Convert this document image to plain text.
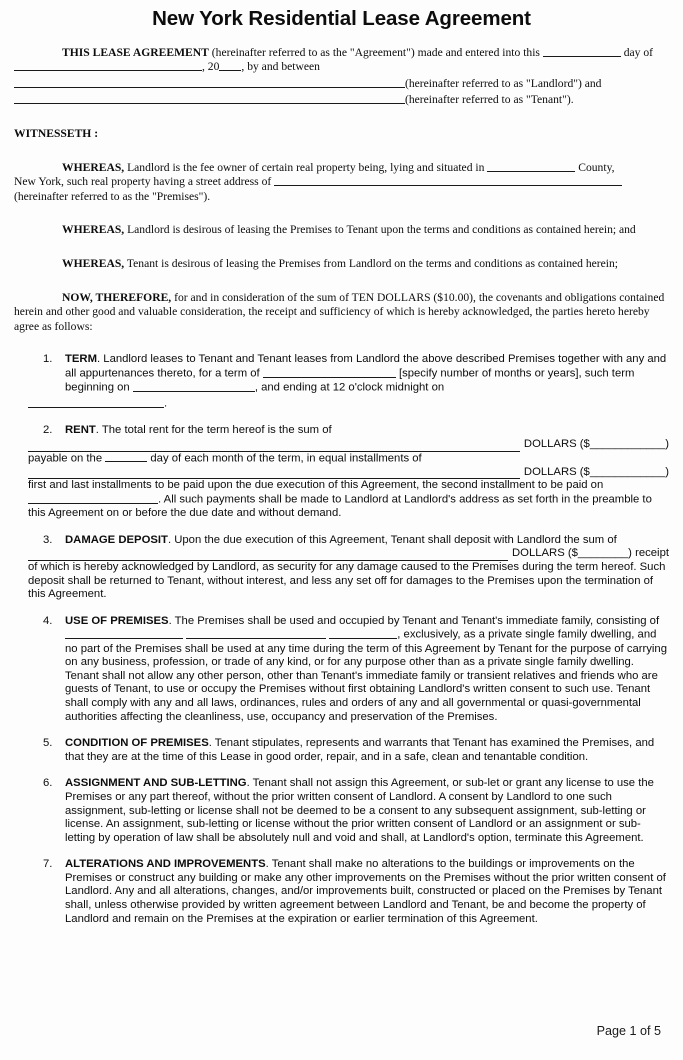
New York Residential Lease Agreement

THIS LEASE AGREEMENT (hereinafter referred to as the "Agreement") made and entered into this	day of

, 20 , by and between

(hereinafter referred to as "Landlord") and

(hereinafter referred to as "Tenant").

WITNESSETH :

WHEREAS, Landlord is the fee owner of certain real property being, lying and situated in	County,

New York, such real property having a street address of

(hereinafter referred to as the "Premises").

WHEREAS, Landlord is desirous of leasing the Premises to Tenant upon the terms and conditions as contained herein; and

WHEREAS, Tenant is desirous of leasing the Premises from Landlord on the terms and conditions as contained herein;

NOW, THEREFORE, for and in consideration of the sum of TEN DOLLARS ($10.00), the covenants and obligations contained herein and other good and valuable consideration, the receipt and sufficiency of which is hereby acknowledged, the parties hereto hereby agree as follows:

1.	TERM. Landlord leases to Tenant and Tenant leases from Landlord the above described Premises together with any and all appurtenances thereto, for a term of	[specify number of months or years], such term beginning on	, and ending at 12 o'clock midnight on
.
2.	RENT. The total rent for the term hereof is the sum of
DOLLARS ($____________)
payable on the	day of each month of the term, in equal installments of
DOLLARS ($____________)
first and last installments to be paid upon the due execution of this Agreement, the second installment to be paid on . All such payments shall be made to Landlord at Landlord's address as set forth in the preamble to this Agreement on or before the due date and without demand.
3.	DAMAGE DEPOSIT. Upon the due execution of this Agreement, Tenant shall deposit with Landlord the sum of
DOLLARS ($________) receipt
of which is hereby acknowledged by Landlord, as security for any damage caused to the Premises during the term hereof. Such deposit shall be returned to Tenant, without interest, and less any set off for damages to the Premises upon the termination of this Agreement.
4.	USE OF PREMISES. The Premises shall be used and occupied by Tenant and Tenant's immediate family, consisting of   , exclusively, as a private single family dwelling, and no part of the Premises shall be used at any time during the term of this Agreement by Tenant for the purpose of carrying on any business, profession, or trade of any kind, or for any purpose other than as a private single family dwelling. Tenant shall not allow any other person, other than Tenant's immediate family or transient relatives and friends who are guests of Tenant, to use or occupy the Premises without first obtaining Landlord's written consent to such use. Tenant shall comply with any and all laws, ordinances, rules and orders of any and all governmental or quasi-governmental authorities affecting the cleanliness, use, occupancy and preservation of the Premises.
5.	CONDITION OF PREMISES. Tenant stipulates, represents and warrants that Tenant has examined the Premises, and that they are at the time of this Lease in good order, repair, and in a safe, clean and tenantable condition.
6.	ASSIGNMENT AND SUB-LETTING. Tenant shall not assign this Agreement, or sub-let or grant any license to use the Premises or any part thereof, without the prior written consent of Landlord. A consent by Landlord to one such assignment, sub-letting or license shall not be deemed to be a consent to any subsequent assignment, sub-letting or license. An assignment, sub-letting or license without the prior written consent of Landlord or an assignment or sub-letting by operation of law shall be absolutely null and void and shall, at Landlord's option, terminate this Agreement.
7.	ALTERATIONS AND IMPROVEMENTS. Tenant shall make no alterations to the buildings or improvements on the Premises or construct any building or make any other improvements on the Premises without the prior written consent of Landlord. Any and all alterations, changes, and/or improvements built, constructed or placed on the Premises by Tenant shall, unless otherwise provided by written agreement between Landlord and Tenant, be and become the property of Landlord and remain on the Premises at the expiration or earlier termination of this Agreement.
Page 1 of 5
